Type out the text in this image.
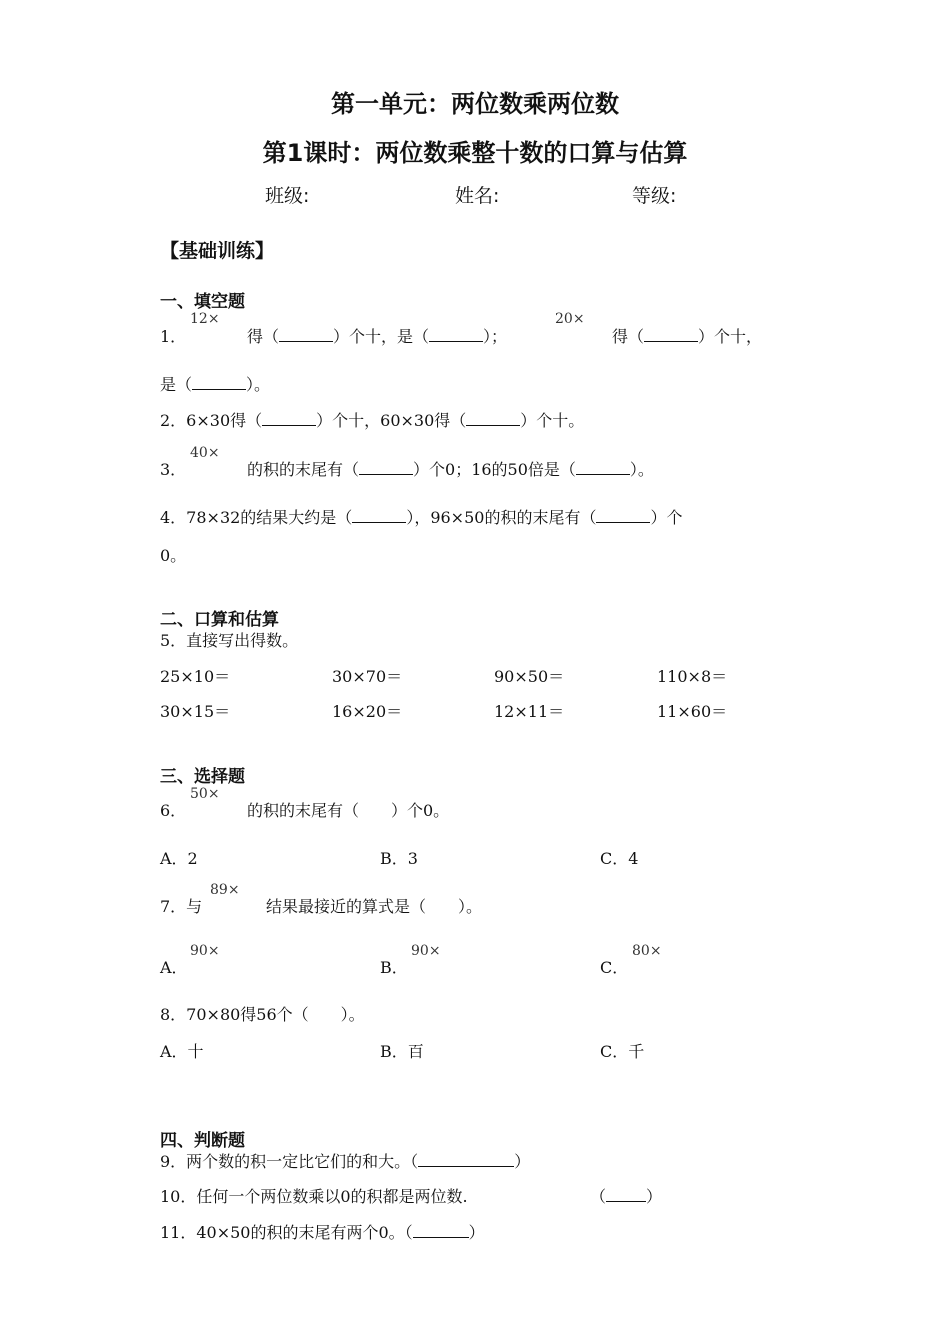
第一单元：两位数乘两位数
第1课时：两位数乘整十数的口算与估算
班级:	姓名:	等级:
【基础训练】
一、填空题
1．
12×
得（	）个十，是（	）；
20×
得（	）个十，
是（	）。
2．6×30得（	）个十，60×30得（	）个十。
3．
40×
的积的末尾有（	）个0；16的50倍是（	）。
4．78×32的结果大约是（	），96×50的积的末尾有（	）个
0。
二、口算和估算
5．直接写出得数。
25×10＝	30×70＝	90×50＝	110×8＝
30×15＝	16×20＝	12×11＝	11×60＝
三、选择题
6．
50×
的积的末尾有（　　）个0。
A．2	B．3	C．4
7．与
89×
结果最接近的算式是（　　）。
A．
90×
B．
90×
C．
80×
8．70×80得56个（　　）。
A．十	B．百	C．千
四、判断题
9．两个数的积一定比它们的和大。（	）
10．任何一个两位数乘以0的积都是两位数.	（	）
11．40×50的积的末尾有两个0。（	）
